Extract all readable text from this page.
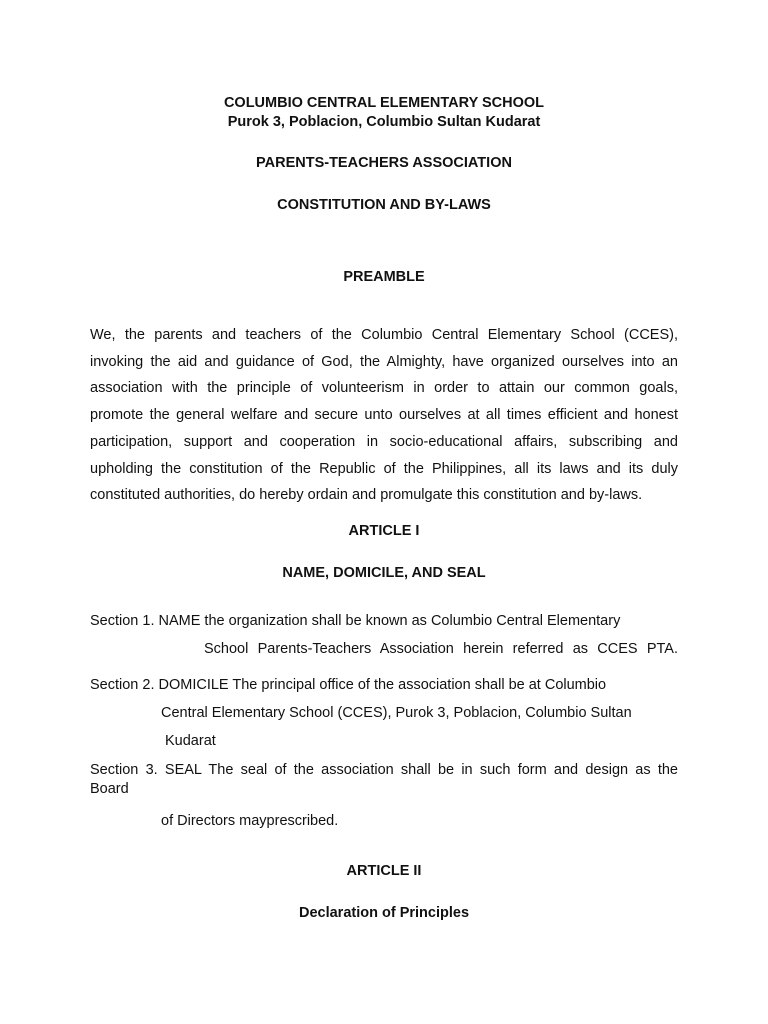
COLUMBIO CENTRAL ELEMENTARY SCHOOL
Purok 3, Poblacion, Columbio Sultan Kudarat
PARENTS-TEACHERS ASSOCIATION
CONSTITUTION AND BY-LAWS
PREAMBLE
We, the parents and teachers of the Columbio Central Elementary School (CCES),
invoking the aid and guidance of God, the Almighty, have organized ourselves into an
association with the principle of volunteerism in order to attain our common goals,
promote the general welfare and secure unto ourselves at all times efficient and honest
participation, support and cooperation in socio-educational affairs, subscribing and
upholding the constitution of the Republic of the Philippines, all its laws and its duly
constituted authorities, do hereby ordain and promulgate this constitution and by-laws.
ARTICLE I
NAME, DOMICILE, AND SEAL
Section 1. NAME the organization shall be known as Columbio Central Elementary
School Parents-Teachers Association herein referred as CCES PTA.
Section 2. DOMICILE The principal office of the association shall be at Columbio
Central Elementary School (CCES), Purok 3, Poblacion, Columbio Sultan
Kudarat
Section 3. SEAL The seal of the association shall be in such form and design as the
Board
of Directors mayprescribed.
ARTICLE II
Declaration of Principles
